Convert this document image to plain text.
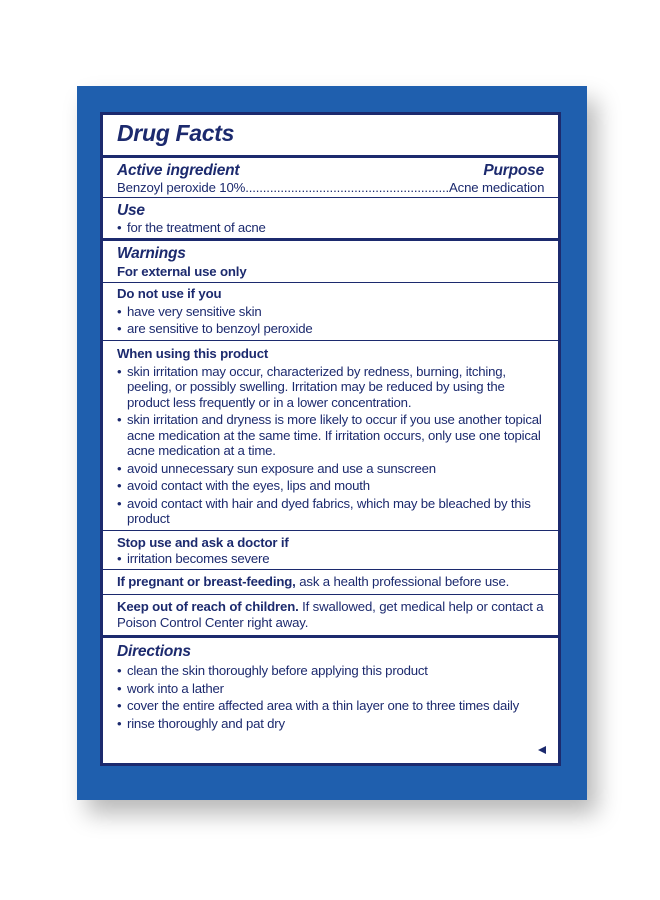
Drug Facts
Active ingredient	Purpose
Benzoyl peroxide 10%..........................................................Acne medication
Use
• for the treatment of acne
Warnings
For external use only
Do not use if you
• have very sensitive skin
• are sensitive to benzoyl peroxide
When using this product
• skin irritation may occur, characterized by redness, burning, itching, peeling, or possibly swelling. Irritation may be reduced by using the product less frequently or in a lower concentration.
• skin irritation and dryness is more likely to occur if you use another topical acne medication at the same time. If irritation occurs, only use one topical acne medication at a time.
• avoid unnecessary sun exposure and use a sunscreen
• avoid contact with the eyes, lips and mouth
• avoid contact with hair and dyed fabrics, which may be bleached by this product
Stop use and ask a doctor if
• irritation becomes severe
If pregnant or breast-feeding, ask a health professional before use.
Keep out of reach of children. If swallowed, get medical help or contact a Poison Control Center right away.
Directions
• clean the skin thoroughly before applying this product
• work into a lather
• cover the entire affected area with a thin layer one to three times daily
• rinse thoroughly and pat dry
